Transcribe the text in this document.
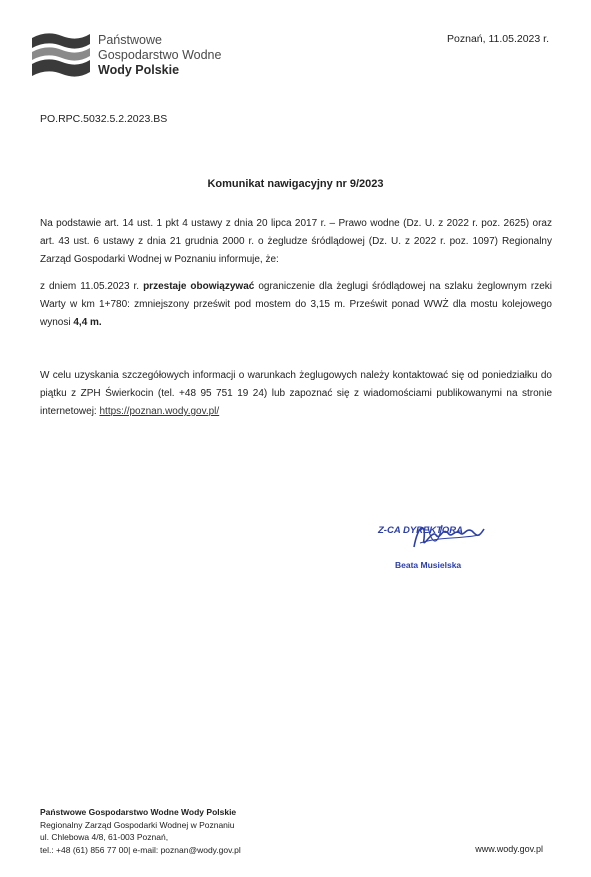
Państwowe
Gospodarstwo Wodne
Wody Polskie
Poznań, 11.05.2023 r.
PO.RPC.5032.5.2.2023.BS
Komunikat nawigacyjny nr 9/2023
Na podstawie art. 14 ust. 1 pkt 4 ustawy z dnia 20 lipca 2017 r. – Prawo wodne (Dz. U. z 2022 r. poz. 2625) oraz art. 43 ust. 6 ustawy z dnia 21 grudnia 2000 r. o żegludze śródlądowej (Dz. U. z 2022 r. poz. 1097) Regionalny Zarząd Gospodarki Wodnej w Poznaniu informuje, że:
z dniem 11.05.2023 r. przestaje obowiązywać ograniczenie dla żeglugi śródlądowej na szlaku żeglownym rzeki Warty w km 1+780: zmniejszony prześwit pod mostem do 3,15 m. Prześwit ponad WWŻ dla mostu kolejowego wynosi 4,4 m.
W celu uzyskania szczegółowych informacji o warunkach żeglugowych należy kontaktować się od poniedziałku do piątku z ZPH Świerkocin (tel. +48 95 751 19 24) lub zapoznać się z wiadomościami publikowanymi na stronie internetowej: https://poznan.wody.gov.pl/
Z-CA DYREKTORA
Beata Musielska
Państwowe Gospodarstwo Wodne Wody Polskie
Regionalny Zarząd Gospodarki Wodnej w Poznaniu
ul. Chlebowa 4/8, 61-003 Poznań,
tel.: +48 (61) 856 77 00| e-mail: poznan@wody.gov.pl	www.wody.gov.pl
